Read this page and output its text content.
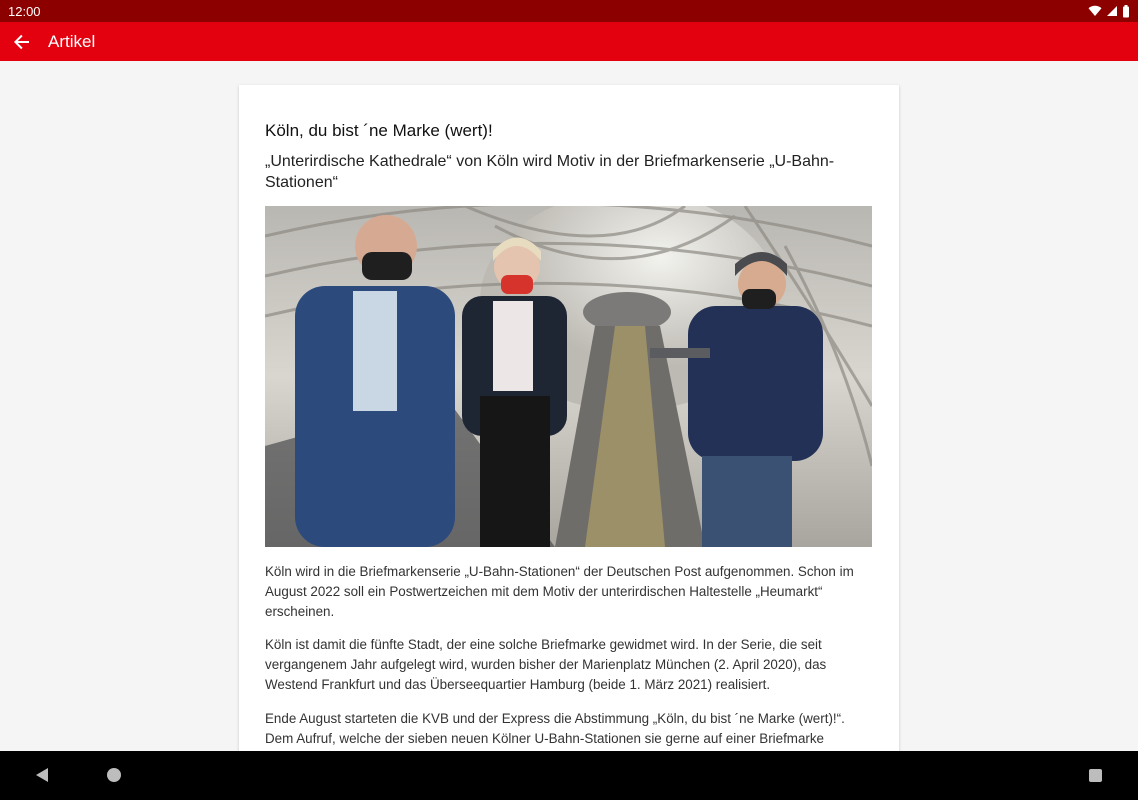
12:00
Artikel
Köln, du bist ´ne Marke (wert)!
„Unterirdische Kathedrale“ von Köln wird Motiv in der Briefmarkenserie „U-Bahn-Stationen“

Köln wird in die Briefmarkenserie „U-Bahn-Stationen“ der Deutschen Post aufgenommen. Schon im August 2022 soll ein Postwertzeichen mit dem Motiv der unterirdischen Haltestelle „Heumarkt“ erscheinen.

Köln ist damit die fünfte Stadt, der eine solche Briefmarke gewidmet wird. In der Serie, die seit vergangenem Jahr aufgelegt wird, wurden bisher der Marienplatz München (2. April 2020), das Westend Frankfurt und das Überseequartier Hamburg (beide 1. März 2021) realisiert.

Ende August starteten die KVB und der Express die Abstimmung „Köln, du bist ´ne Marke (wert)!“. Dem Aufruf, welche der sieben neuen Kölner U-Bahn-Stationen sie gerne auf einer Briefmarke
